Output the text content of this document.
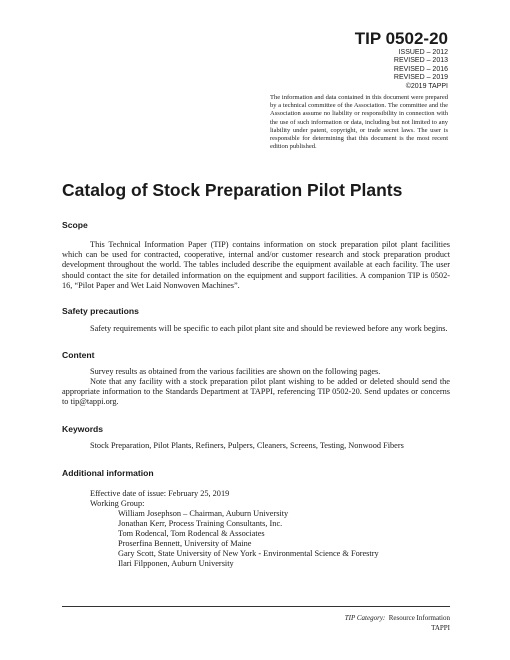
TIP 0502-20
ISSUED – 2012
REVISED – 2013
REVISED – 2016
REVISED – 2019
©2019 TAPPI
The information and data contained in this document were prepared by a technical committee of the Association. The committee and the Association assume no liability or responsibility in connection with the use of such information or data, including but not limited to any liability under patent, copyright, or trade secret laws. The user is responsible for determining that this document is the most recent edition published.
Catalog of Stock Preparation Pilot Plants
Scope

This Technical Information Paper (TIP) contains information on stock preparation pilot plant facilities which can be used for contracted, cooperative, internal and/or customer research and stock preparation product development throughout the world. The tables included describe the equipment available at each facility. The user should contact the site for detailed information on the equipment and support facilities. A companion TIP is 0502-16, “Pilot Paper and Wet Laid Nonwoven Machines”.

Safety precautions

Safety requirements will be specific to each pilot plant site and should be reviewed before any work begins.

Content

Survey results as obtained from the various facilities are shown on the following pages.

Note that any facility with a stock preparation pilot plant wishing to be added or deleted should send the appropriate information to the Standards Department at TAPPI, referencing TIP 0502-20. Send updates or concerns to tip@tappi.org.

Keywords

Stock Preparation, Pilot Plants, Refiners, Pulpers, Cleaners, Screens, Testing, Nonwood Fibers

Additional information

Effective date of issue: February 25, 2019

Working Group:

William Josephson – Chairman, Auburn University

Jonathan Kerr, Process Training Consultants, Inc.

Tom Rodencal, Tom Rodencal & Associates

Proserfina Bennett, University of Maine

Gary Scott, State University of New York - Environmental Science & Forestry

Ilari Filpponen, Auburn University

TIP Category: Resource Information
TAPPI
